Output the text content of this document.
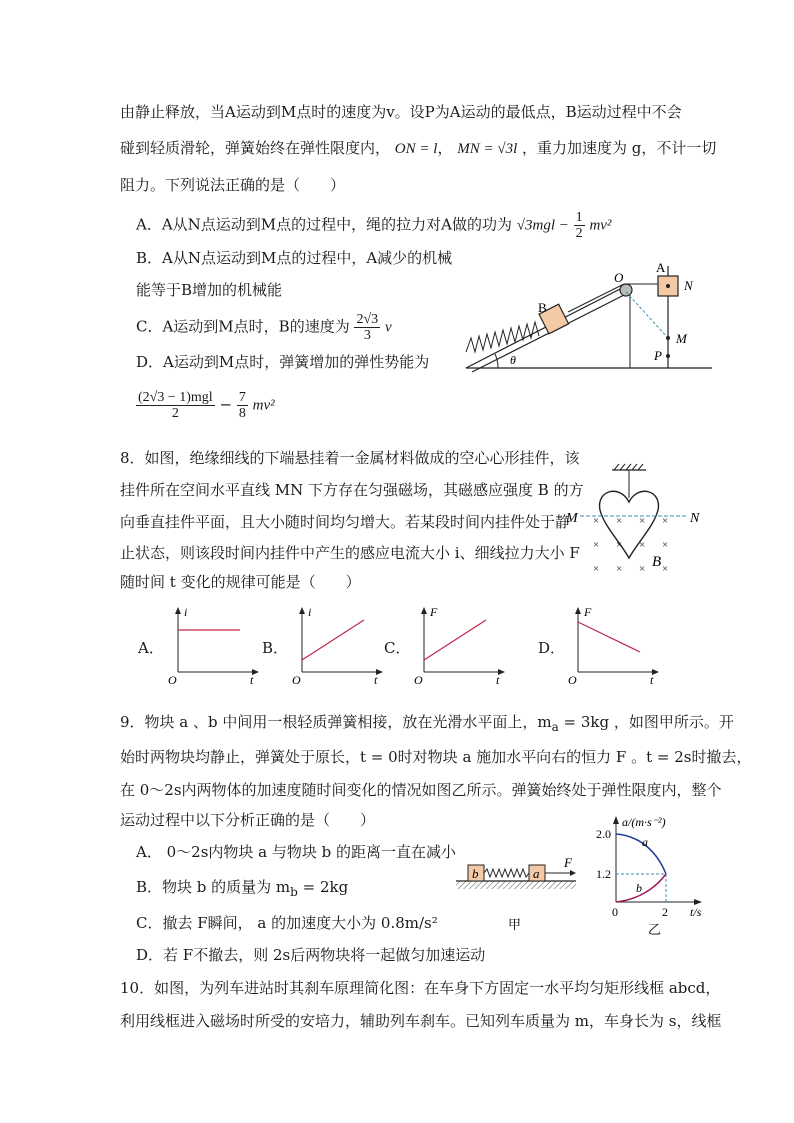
由静止释放，当A运动到M点时的速度为v。设P为A运动的最低点，B运动过程中不会
碰到轻质滑轮，弹簧始终在弹性限度内， ON = l， MN = √3l ，重力加速度为 g，不计一切
阻力。下列说法正确的是（　　）
A．A从N点运动到M点的过程中，绳的拉力对A做的功为 $√3mgl - \frac{1}{2} mv^2$
B．A从N点运动到M点的过程中，A减少的机械
能等于B增加的机械能
C．A运动到M点时，B的速度为 $\frac{2√3}{3}$ v
D．A运动到M点时，弹簧增加的弹性势能为
$\frac{\text{(2√3 − 1)mgl}}{2} - \frac{7}{8} mv^2$
B
O
A
N
M
P
θ
8．如图，绝缘细线的下端悬挂着一金属材料做成的空心心形挂件，该
挂件所在空间水平直线 MN 下方存在匀强磁场，其磁感应强度 B 的方
向垂直挂件平面，且大小随时间均匀增大。若某段时间内挂件处于静
止状态，则该段时间内挂件中产生的感应电流大小 i、细线拉力大小 F
随时间 t 变化的规律可能是（　　）
M	N
× × × ×
× × × ×
× × × ×
B
A．
i
O	t
B．
i
O	t
C．
F
O	t
D．
F
O	t
9．物块 a 、b 中间用一根轻质弹簧相接，放在光滑水平面上，$m_a = 3kg$ ，如图甲所示。开
始时两物块均静止，弹簧处于原长，t = 0时对物块 a 施加水平向右的恒力 F 。t = 2s时撤去，
在 0～2s内两物体的加速度随时间变化的情况如图乙所示。弹簧始终处于弹性限度内，整个
运动过程中以下分析正确的是（　　）
A． 0～2s内物块 a 与物块 b 的距离一直在减小
B．物块 b 的质量为 $m_b = 2kg$
C．撤去 F瞬间， a 的加速度大小为 0.8m/s²
D．若 F不撤去，则 2s后两物块将一起做匀加速运动
b	a
F
甲
a/(m·s⁻²)
2.0
1.2
0	2 t/s
a
b
乙
10．如图，为列车进站时其刹车原理简化图：在车身下方固定一水平均匀矩形线框 abcd，
利用线框进入磁场时所受的安培力，辅助列车刹车。已知列车质量为 m，车身长为 s，线框
